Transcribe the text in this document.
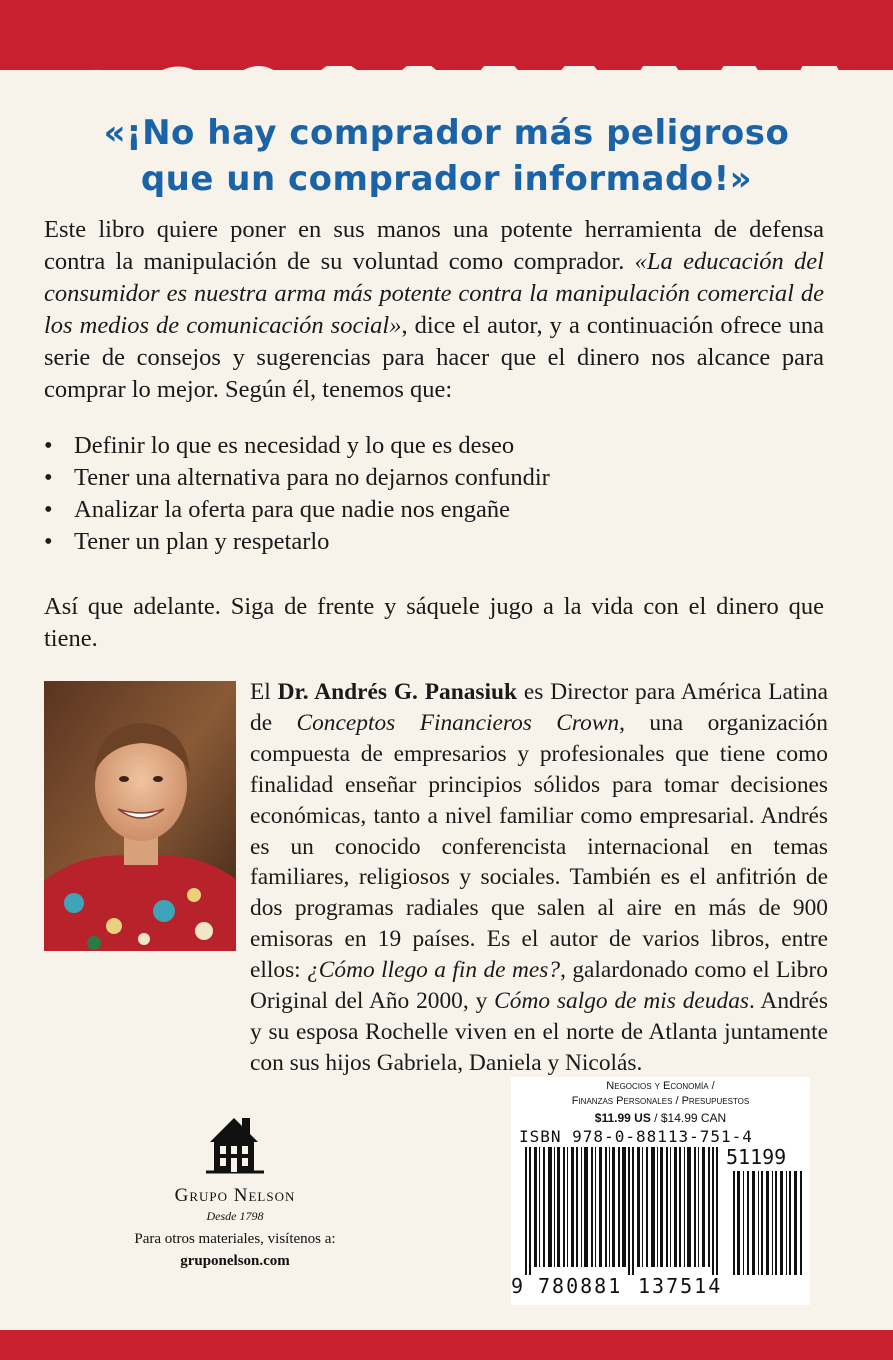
«¡No hay comprador más peligroso
que un comprador informado!»
Este libro quiere poner en sus manos una potente herramienta de defensa contra la manipulación de su voluntad como comprador. «La educación del consumidor es nuestra arma más potente contra la manipulación comercial de los medios de comunicación social», dice el autor, y a continuación ofrece una serie de consejos y sugerencias para hacer que el dinero nos alcance para comprar lo mejor. Según él, tenemos que:
• Definir lo que es necesidad y lo que es deseo
• Tener una alternativa para no dejarnos confundir
• Analizar la oferta para que nadie nos engañe
• Tener un plan y respetarlo
Así que adelante. Siga de frente y sáquele jugo a la vida con el dinero que tiene.
El Dr. Andrés G. Panasiuk es Director para América Latina de Conceptos Financieros Crown, una organización compuesta de empresarios y profesionales que tiene como finalidad enseñar principios sólidos para tomar decisiones económicas, tanto a nivel familiar como empresarial. Andrés es un conocido conferencista internacional en temas familiares, religiosos y sociales. También es el anfitrión de dos programas radiales que salen al aire en más de 900 emisoras en 19 países. Es el autor de varios libros, entre ellos: ¿Cómo llego a fin de mes?, galardonado como el Libro Original del Año 2000, y Cómo salgo de mis deudas. Andrés y su esposa Rochelle viven en el norte de Atlanta juntamente con sus hijos Gabriela, Daniela y Nicolás.
Grupo Nelson
Desde 1798
Para otros materiales, visítenos a:
gruponelson.com
Negocios y Economía /
Finanzas Personales / Presupuestos
$11.99 US / $14.99 CAN
ISBN 978-0-88113-751-4
51199
9 780881 137514
